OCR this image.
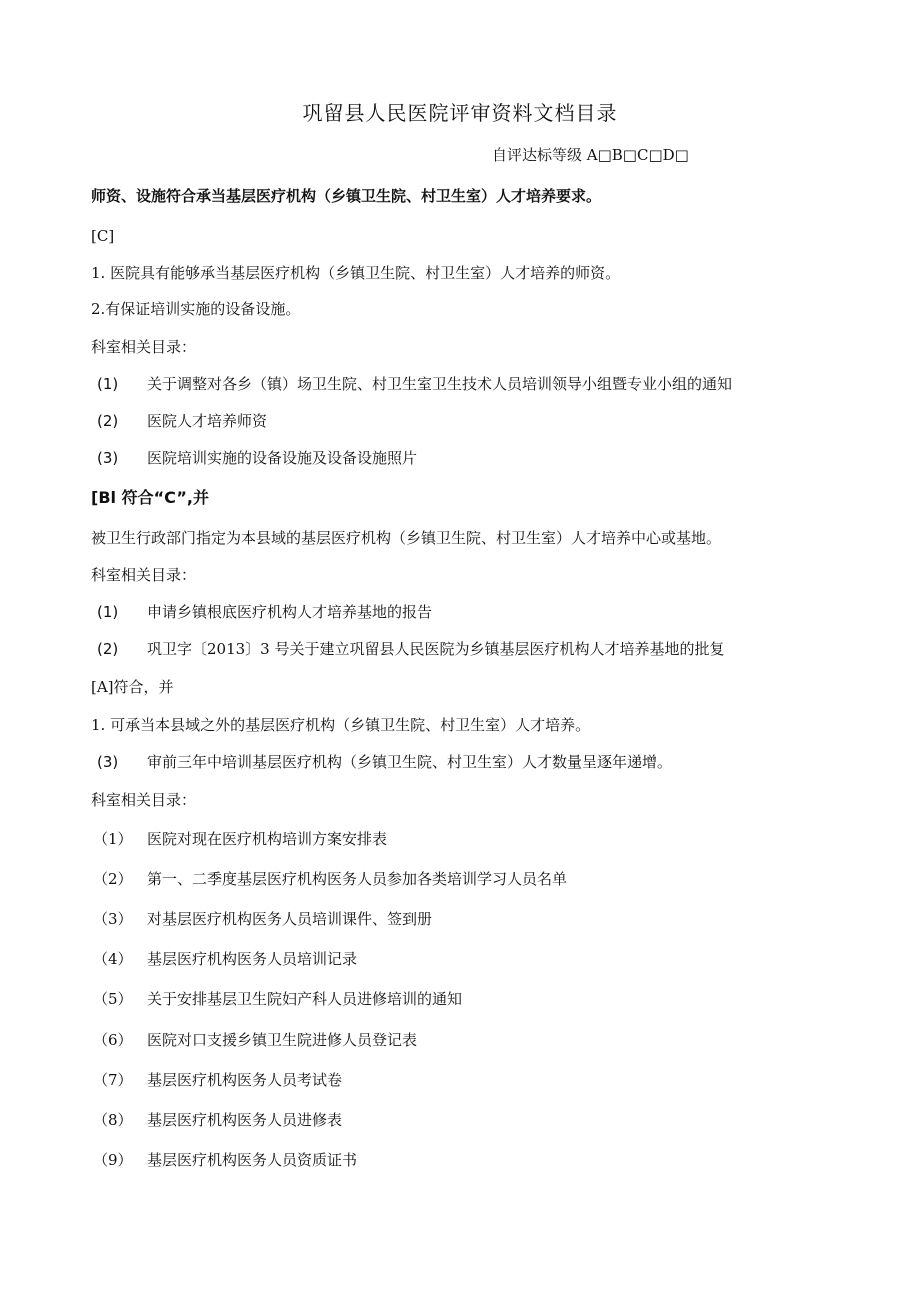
巩留县人民医院评审资料文档目录
自评达标等级 A□B□C□D□
师资、设施符合承当基层医疗机构（乡镇卫生院、村卫生室）人才培养要求。
[C]
1. 医院具有能够承当基层医疗机构（乡镇卫生院、村卫生室）人才培养的师资。
2.有保证培训实施的设备设施。
科室相关目录：
(1) 关于调整对各乡（镇）场卫生院、村卫生室卫生技术人员培训领导小组暨专业小组的通知
(2) 医院人才培养师资
(3) 医院培训实施的设备设施及设备设施照片
[Bl 符合“C”,并
被卫生行政部门指定为本县域的基层医疗机构（乡镇卫生院、村卫生室）人才培养中心或基地。
科室相关目录：
(1) 申请乡镇根底医疗机构人才培养基地的报告
(2) 巩卫字〔2013〕3 号关于建立巩留县人民医院为乡镇基层医疗机构人才培养基地的批复
[A]符合，并
1. 可承当本县域之外的基层医疗机构（乡镇卫生院、村卫生室）人才培养。
(3) 审前三年中培训基层医疗机构（乡镇卫生院、村卫生室）人才数量呈逐年递增。
科室相关目录：
（1） 医院对现在医疗机构培训方案安排表
（2） 第一、二季度基层医疗机构医务人员参加各类培训学习人员名单
（3） 对基层医疗机构医务人员培训课件、签到册
（4） 基层医疗机构医务人员培训记录
（5） 关于安排基层卫生院妇产科人员进修培训的通知
（6） 医院对口支援乡镇卫生院进修人员登记表
（7） 基层医疗机构医务人员考试卷
（8） 基层医疗机构医务人员进修表
（9） 基层医疗机构医务人员资质证书
